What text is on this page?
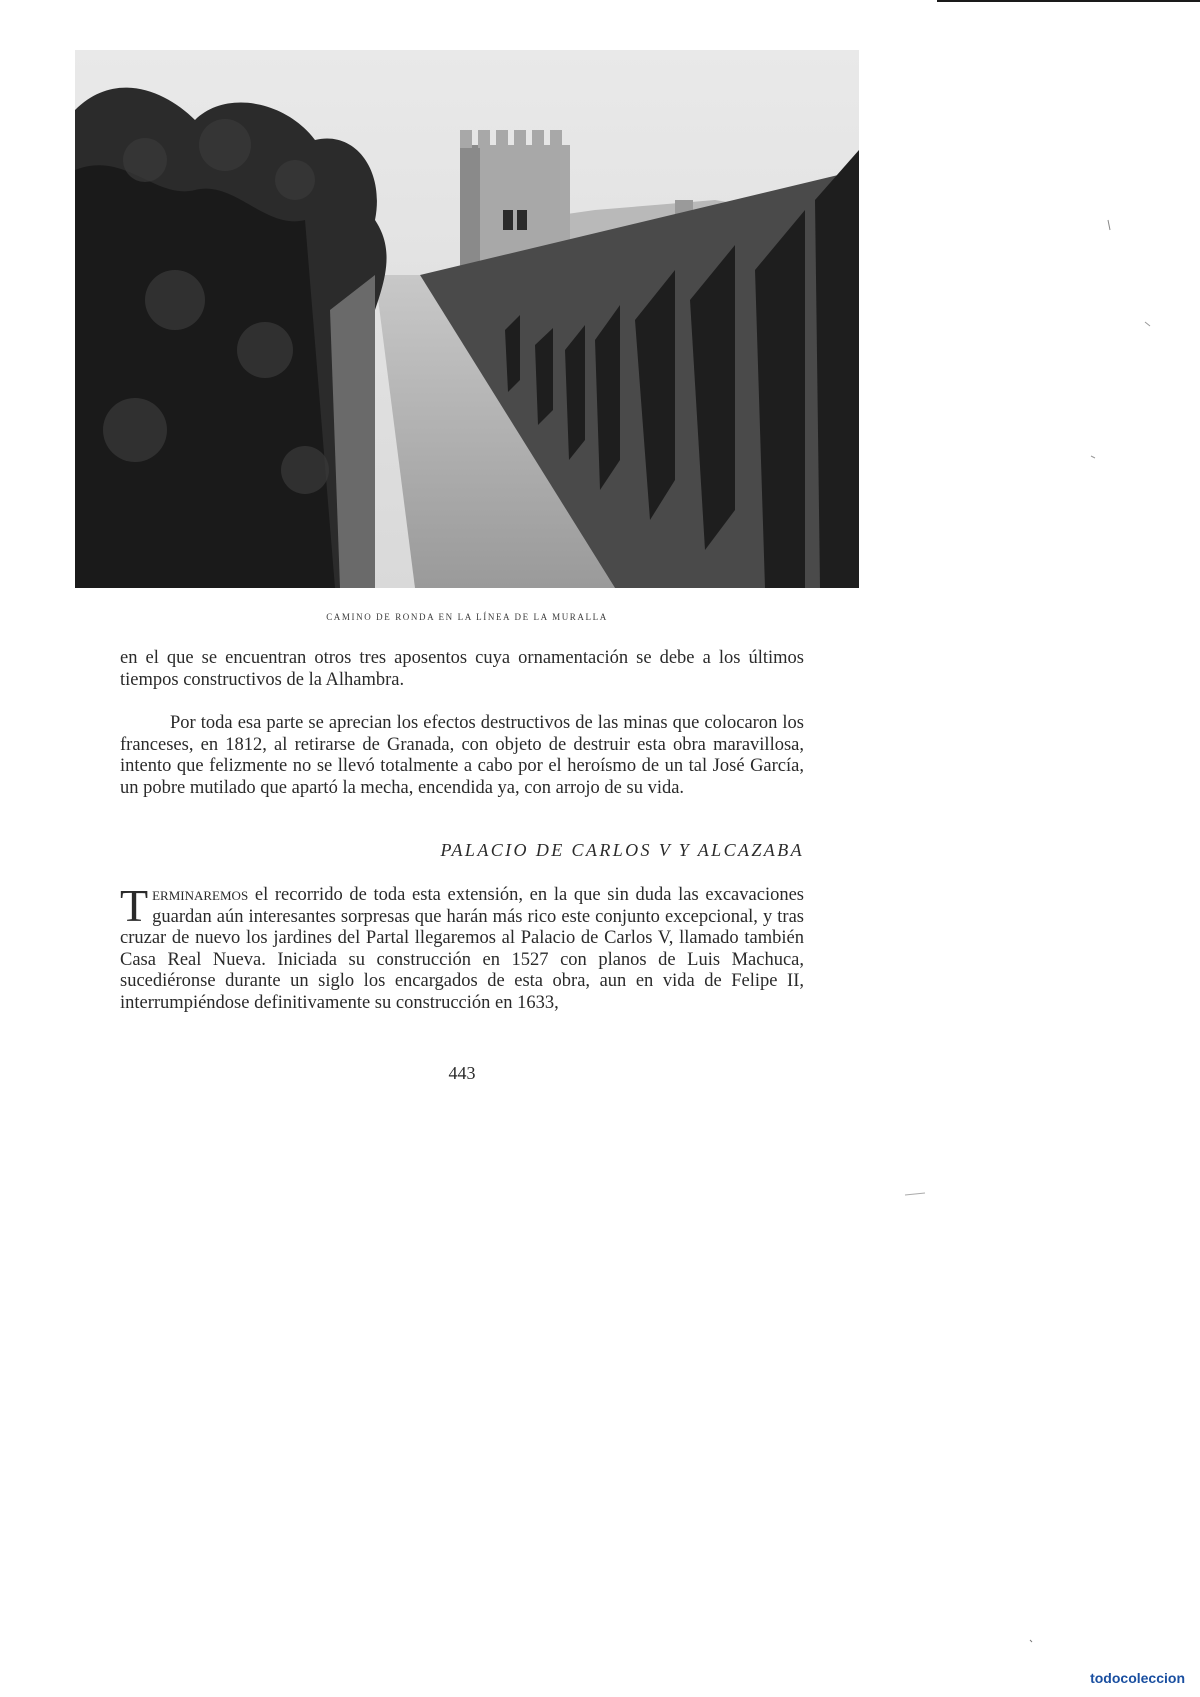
CAMINO DE RONDA EN LA LÍNEA DE LA MURALLA

en el que se encuentran otros tres aposentos cuya ornamentación se debe a los últimos tiempos constructivos de la Alhambra.

Por toda esa parte se aprecian los efectos destructivos de las minas que colocaron los franceses, en 1812, al retirarse de Granada, con objeto de destruir esta obra maravillosa, intento que felizmente no se llevó totalmente a cabo por el heroísmo de un tal José García, un pobre mutilado que apartó la mecha, encendida ya, con arrojo de su vida.

PALACIO DE CARLOS V Y ALCAZABA

Terminaremos el recorrido de toda esta extensión, en la que sin duda las excavaciones guardan aún interesantes sorpresas que harán más rico este conjunto excepcional, y tras cruzar de nuevo los jardines del Partal llegaremos al Palacio de Carlos V, llamado también Casa Real Nueva. Iniciada su construcción en 1527 con planos de Luis Machuca, sucediéronse durante un siglo los encargados de esta obra, aun en vida de Felipe II, interrumpiéndose definitivamente su construcción en 1633,

443
todocoleccion
